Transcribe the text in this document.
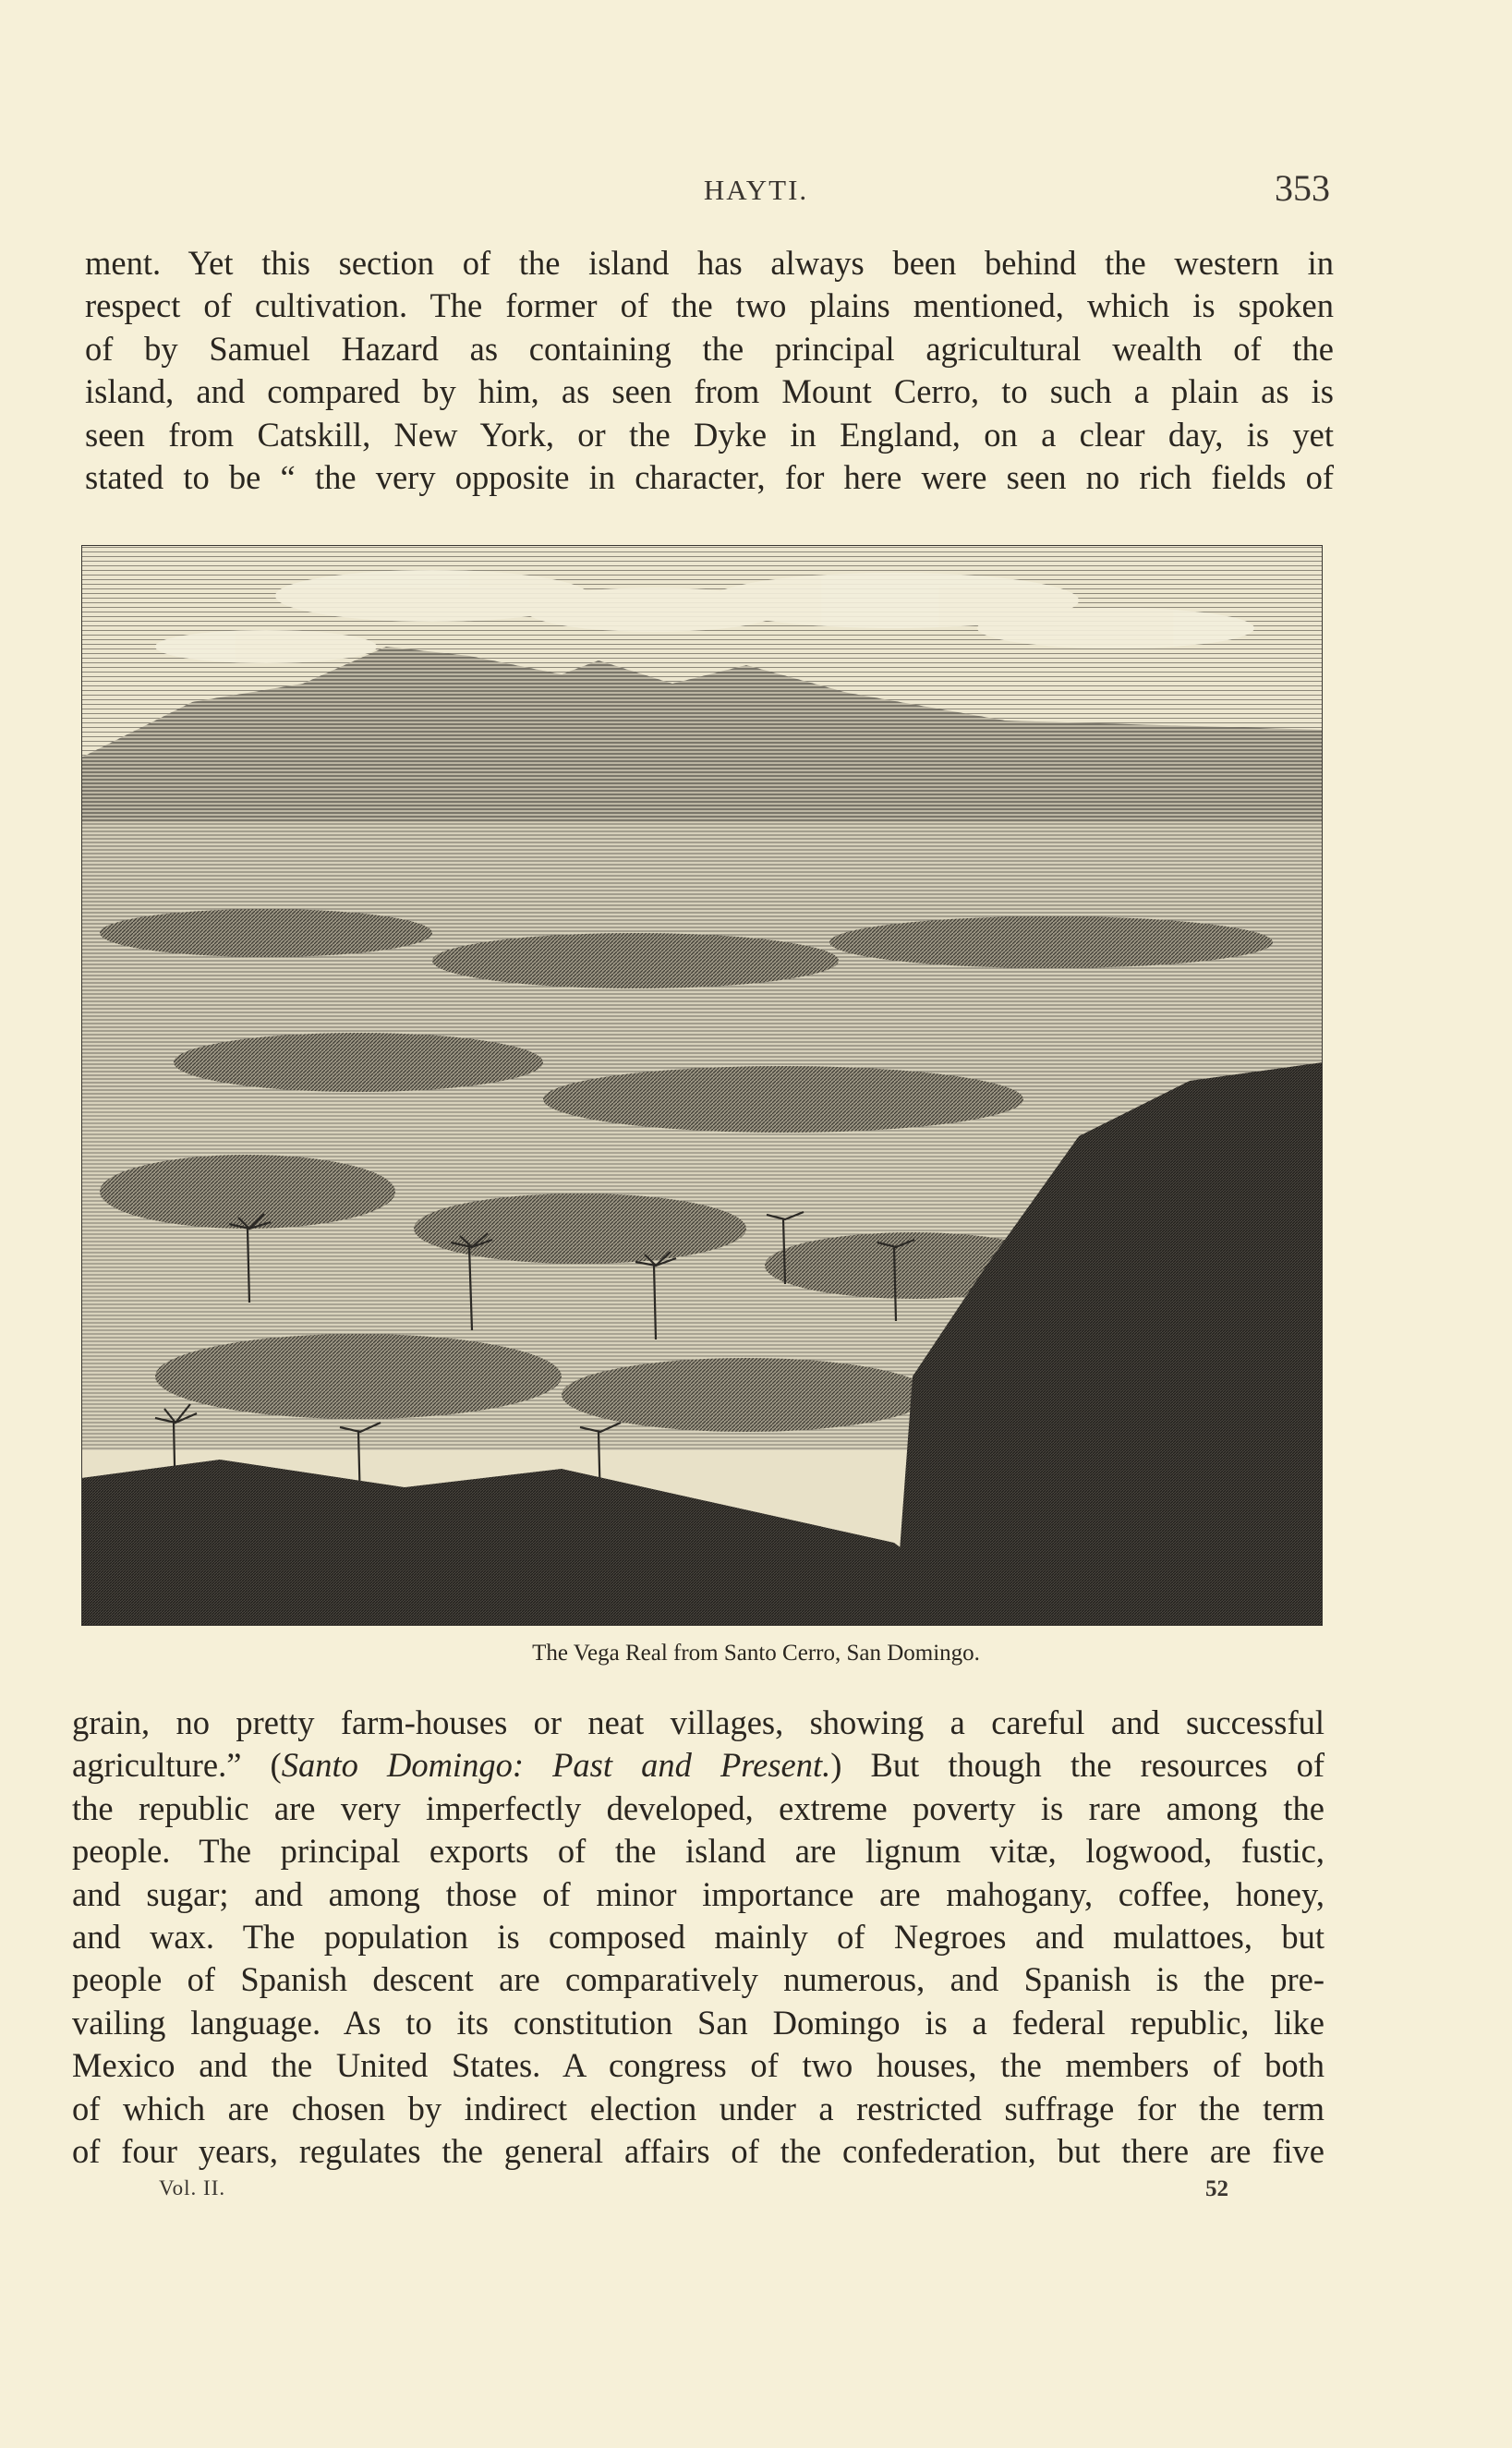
HAYTI.	353
ment. Yet this section of the island has always been behind the western in
respect of cultivation. The former of the two plains mentioned, which is spoken
of by Samuel Hazard as containing the principal agricultural wealth of the
island, and compared by him, as seen from Mount Cerro, to such a plain as is
seen from Catskill, New York, or the Dyke in England, on a clear day, is yet
stated to be “ the very opposite in character, for here were seen no rich fields of
The Vega Real from Santo Cerro, San Domingo.
grain, no pretty farm-houses or neat villages, showing a careful and successful
agriculture.” (Santo Domingo: Past and Present.) But though the resources of
the republic are very imperfectly developed, extreme poverty is rare among the
people. The principal exports of the island are lignum vitæ, logwood, fustic,
and sugar; and among those of minor importance are mahogany, coffee, honey,
and wax. The population is composed mainly of Negroes and mulattoes, but
people of Spanish descent are comparatively numerous, and Spanish is the pre-
vailing language. As to its constitution San Domingo is a federal republic, like
Mexico and the United States. A congress of two houses, the members of both
of which are chosen by indirect election under a restricted suffrage for the term
of four years, regulates the general affairs of the confederation, but there are five
Vol. II.	52
